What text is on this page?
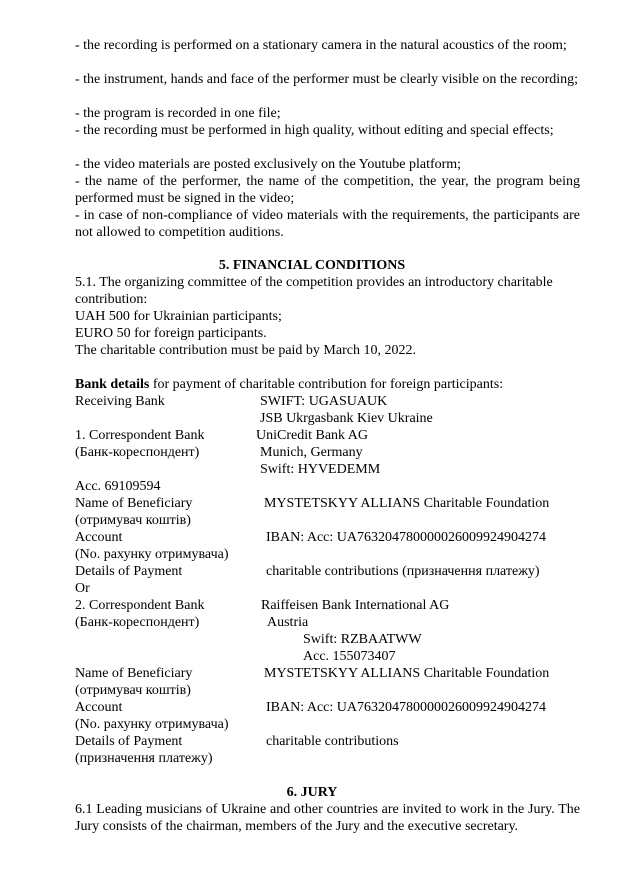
- the recording is performed on a stationary camera in the natural acoustics of the room;

- the instrument, hands and face of the performer must be clearly visible on the recording;

- the program is recorded in one file;

- the recording must be performed in high quality, without editing and special effects;

- the video materials are posted exclusively on the Youtube platform;

- the name of the performer, the name of the competition, the year, the program being performed must be signed in the video;

- in case of non-compliance of video materials with the requirements, the participants are not allowed to competition auditions.

5. FINANCIAL CONDITIONS

5.1. The organizing committee of the competition provides an introductory charitable contribution:

UAH 500 for Ukrainian participants;

EURO 50 for foreign participants.

The charitable contribution must be paid by March 10, 2022.

Bank details for payment of charitable contribution for foreign participants:

Receiving Bank	SWIFT: UGASUAUK

JSB Ukrgasbank Kiev Ukraine

1. Correspondent Bank	UniCredit Bank AG

(Банк-кореспондент)	Munich, Germany

Swift: HYVEDEMM

Acc. 69109594

Name of Beneficiary	MYSTETSKYY ALLIANS Charitable Foundation

(отримувач коштів)

Account	IBAN: Acc: UA763204780000026009924904274

(No. рахунку отримувача)

Details of Payment	charitable contributions (призначення платежу)

Or

2. Correspondent Bank	Raiffeisen Bank International AG

(Банк-кореспондент)	Austria

Swift: RZBAATWW

Acc. 155073407

Name of Beneficiary	MYSTETSKYY ALLIANS Charitable Foundation

(отримувач коштів)

Account	IBAN: Acc: UA763204780000026009924904274

(No. рахунку отримувача)

Details of Payment	charitable contributions

(призначення платежу)

6. JURY

6.1 Leading musicians of Ukraine and other countries are invited to work in the Jury. The Jury consists of the chairman, members of the Jury and the executive secretary.
